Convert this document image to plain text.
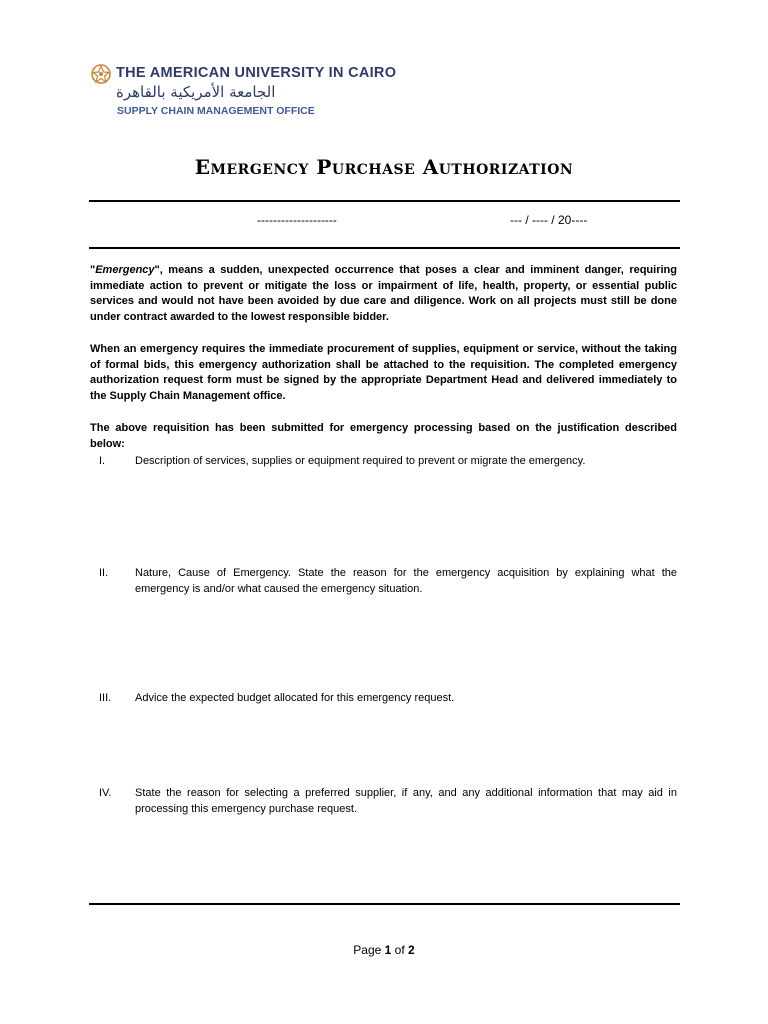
THE AMERICAN UNIVERSITY IN CAIRO
الجامعة الأمريكية بالقاهرة
SUPPLY CHAIN MANAGEMENT OFFICE
Emergency Purchase Authorization
--------------------	--- / ---- / 20----
"Emergency", means a sudden, unexpected occurrence that poses a clear and imminent danger, requiring immediate action to prevent or mitigate the loss or impairment of life, health, property, or essential public services and would not have been avoided by due care and diligence. Work on all projects must still be done under contract awarded to the lowest responsible bidder.
When an emergency requires the immediate procurement of supplies, equipment or service, without the taking of formal bids, this emergency authorization shall be attached to the requisition. The completed emergency authorization request form must be signed by the appropriate Department Head and delivered immediately to the Supply Chain Management office.
The above requisition has been submitted for emergency processing based on the justification described below:
I.	Description of services, supplies or equipment required to prevent or migrate the emergency.
II. Nature, Cause of Emergency. State the reason for the emergency acquisition by explaining what the emergency is and/or what caused the emergency situation.
III. Advice the expected budget allocated for this emergency request.
IV. State the reason for selecting a preferred supplier, if any, and any additional information that may aid in processing this emergency purchase request.
Page 1 of 2
